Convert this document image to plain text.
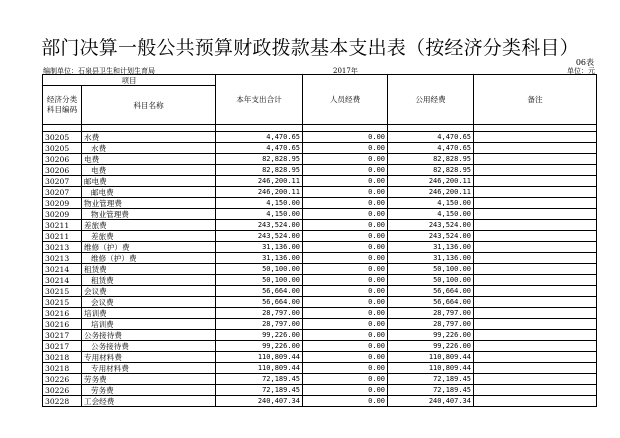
部门决算一般公共预算财政拨款基本支出表（按经济分类科目）
06表
编制单位：石泉县卫生和计划生育局	2017年	单位：元
项目		本年支出合计	人员经费	公用经费	备注
经济分类
科目编码	科目名称				

30205	水费	4,470.65	0.00	4,470.65	
30205	水费	4,470.65	0.00	4,470.65	
30206	电费	82,828.95	0.00	82,828.95	
30206	电费	82,828.95	0.00	82,828.95	
30207	邮电费	246,200.11	0.00	246,200.11	
30207	邮电费	246,200.11	0.00	246,200.11	
30209	物业管理费	4,150.00	0.00	4,150.00	
30209	物业管理费	4,150.00	0.00	4,150.00	
30211	差旅费	243,524.00	0.00	243,524.00	
30211	差旅费	243,524.00	0.00	243,524.00	
30213	维修（护）费	31,136.00	0.00	31,136.00	
30213	维修（护）费	31,136.00	0.00	31,136.00	
30214	租赁费	50,100.00	0.00	50,100.00	
30214	租赁费	50,100.00	0.00	50,100.00	
30215	会议费	56,664.00	0.00	56,664.00	
30215	会议费	56,664.00	0.00	56,664.00	
30216	培训费	28,797.00	0.00	28,797.00	
30216	培训费	28,797.00	0.00	28,797.00	
30217	公务接待费	99,226.00	0.00	99,226.00	
30217	公务接待费	99,226.00	0.00	99,226.00	
30218	专用材料费	110,809.44	0.00	110,809.44	
30218	专用材料费	110,809.44	0.00	110,809.44	
30226	劳务费	72,189.45	0.00	72,189.45	
30226	劳务费	72,189.45	0.00	72,189.45	
30228	工会经费	240,407.34	0.00	240,407.34	
